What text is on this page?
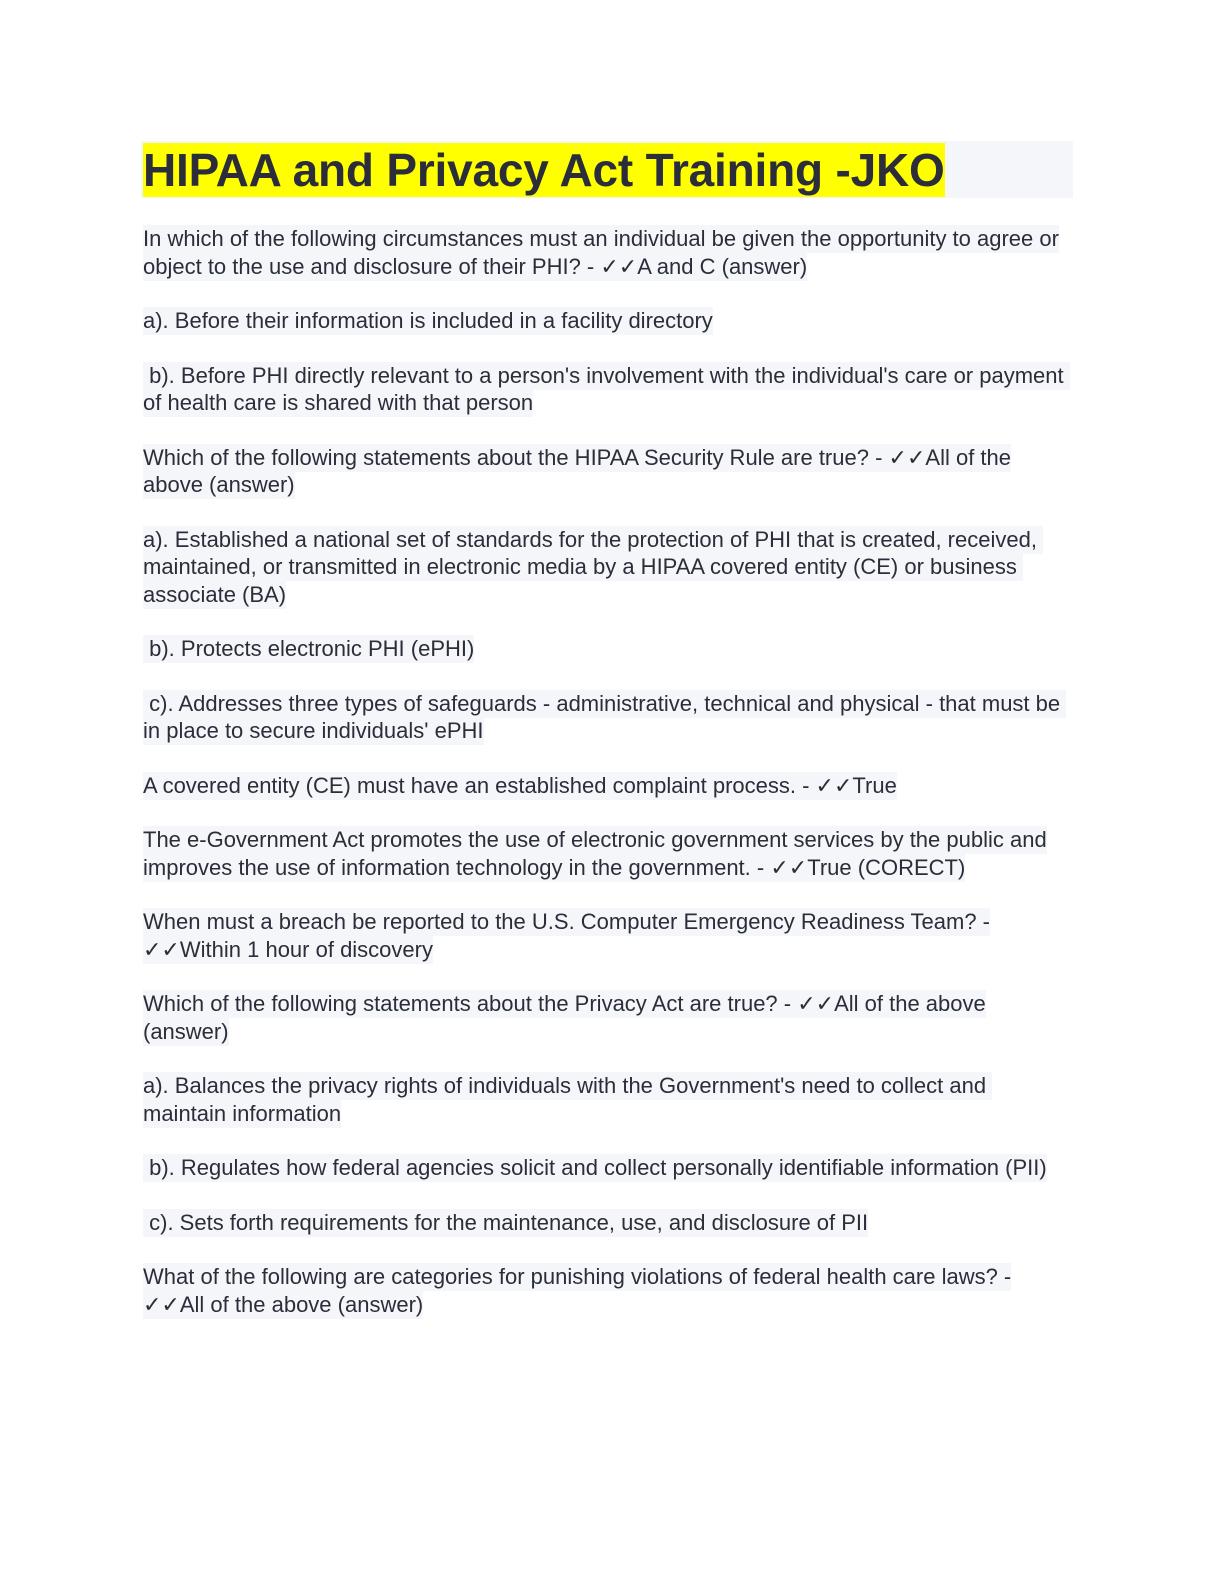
HIPAA and Privacy Act Training -JKO

In which of the following circumstances must an individual be given the opportunity to agree or object to the use and disclosure of their PHI? - ✓✓A and C (answer)

a). Before their information is included in a facility directory

b). Before PHI directly relevant to a person's involvement with the individual's care or payment of health care is shared with that person

Which of the following statements about the HIPAA Security Rule are true? - ✓✓All of the above (answer)

a). Established a national set of standards for the protection of PHI that is created, received, maintained, or transmitted in electronic media by a HIPAA covered entity (CE) or business associate (BA)

b). Protects electronic PHI (ePHI)

c). Addresses three types of safeguards - administrative, technical and physical - that must be in place to secure individuals' ePHI

A covered entity (CE) must have an established complaint process. - ✓✓True

The e-Government Act promotes the use of electronic government services by the public and improves the use of information technology in the government. - ✓✓True (CORECT)

When must a breach be reported to the U.S. Computer Emergency Readiness Team? - ✓✓Within 1 hour of discovery

Which of the following statements about the Privacy Act are true? - ✓✓All of the above (answer)

a). Balances the privacy rights of individuals with the Government's need to collect and maintain information

b). Regulates how federal agencies solicit and collect personally identifiable information (PII)

c). Sets forth requirements for the maintenance, use, and disclosure of PII

What of the following are categories for punishing violations of federal health care laws? - ✓✓All of the above (answer)
